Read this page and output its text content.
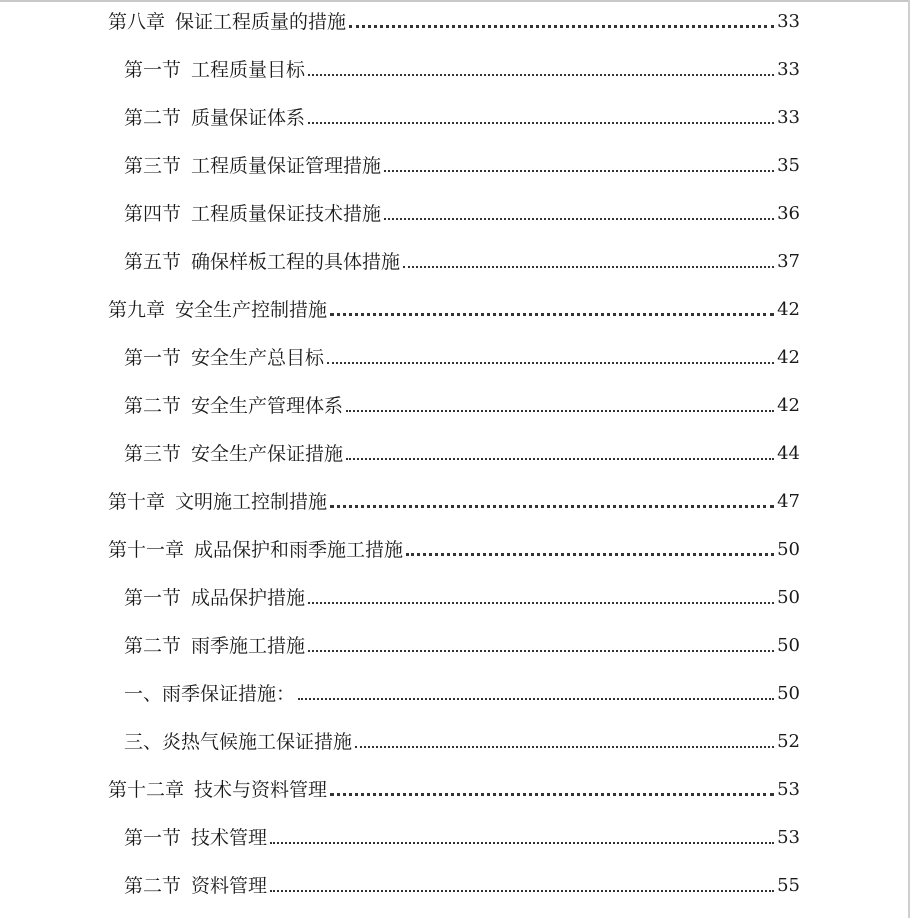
第八章 保证工程质量的措施	33
第一节 工程质量目标	33
第二节 质量保证体系	33
第三节 工程质量保证管理措施	35
第四节 工程质量保证技术措施	36
第五节 确保样板工程的具体措施	37
第九章 安全生产控制措施	42
第一节 安全生产总目标	42
第二节 安全生产管理体系	42
第三节 安全生产保证措施	44
第十章 文明施工控制措施	47
第十一章 成品保护和雨季施工措施	50
第一节 成品保护措施	50
第二节 雨季施工措施	50
一、雨季保证措施：	50
三、炎热气候施工保证措施	52
第十二章 技术与资料管理	53
第一节 技术管理	53
第二节 资料管理	55
